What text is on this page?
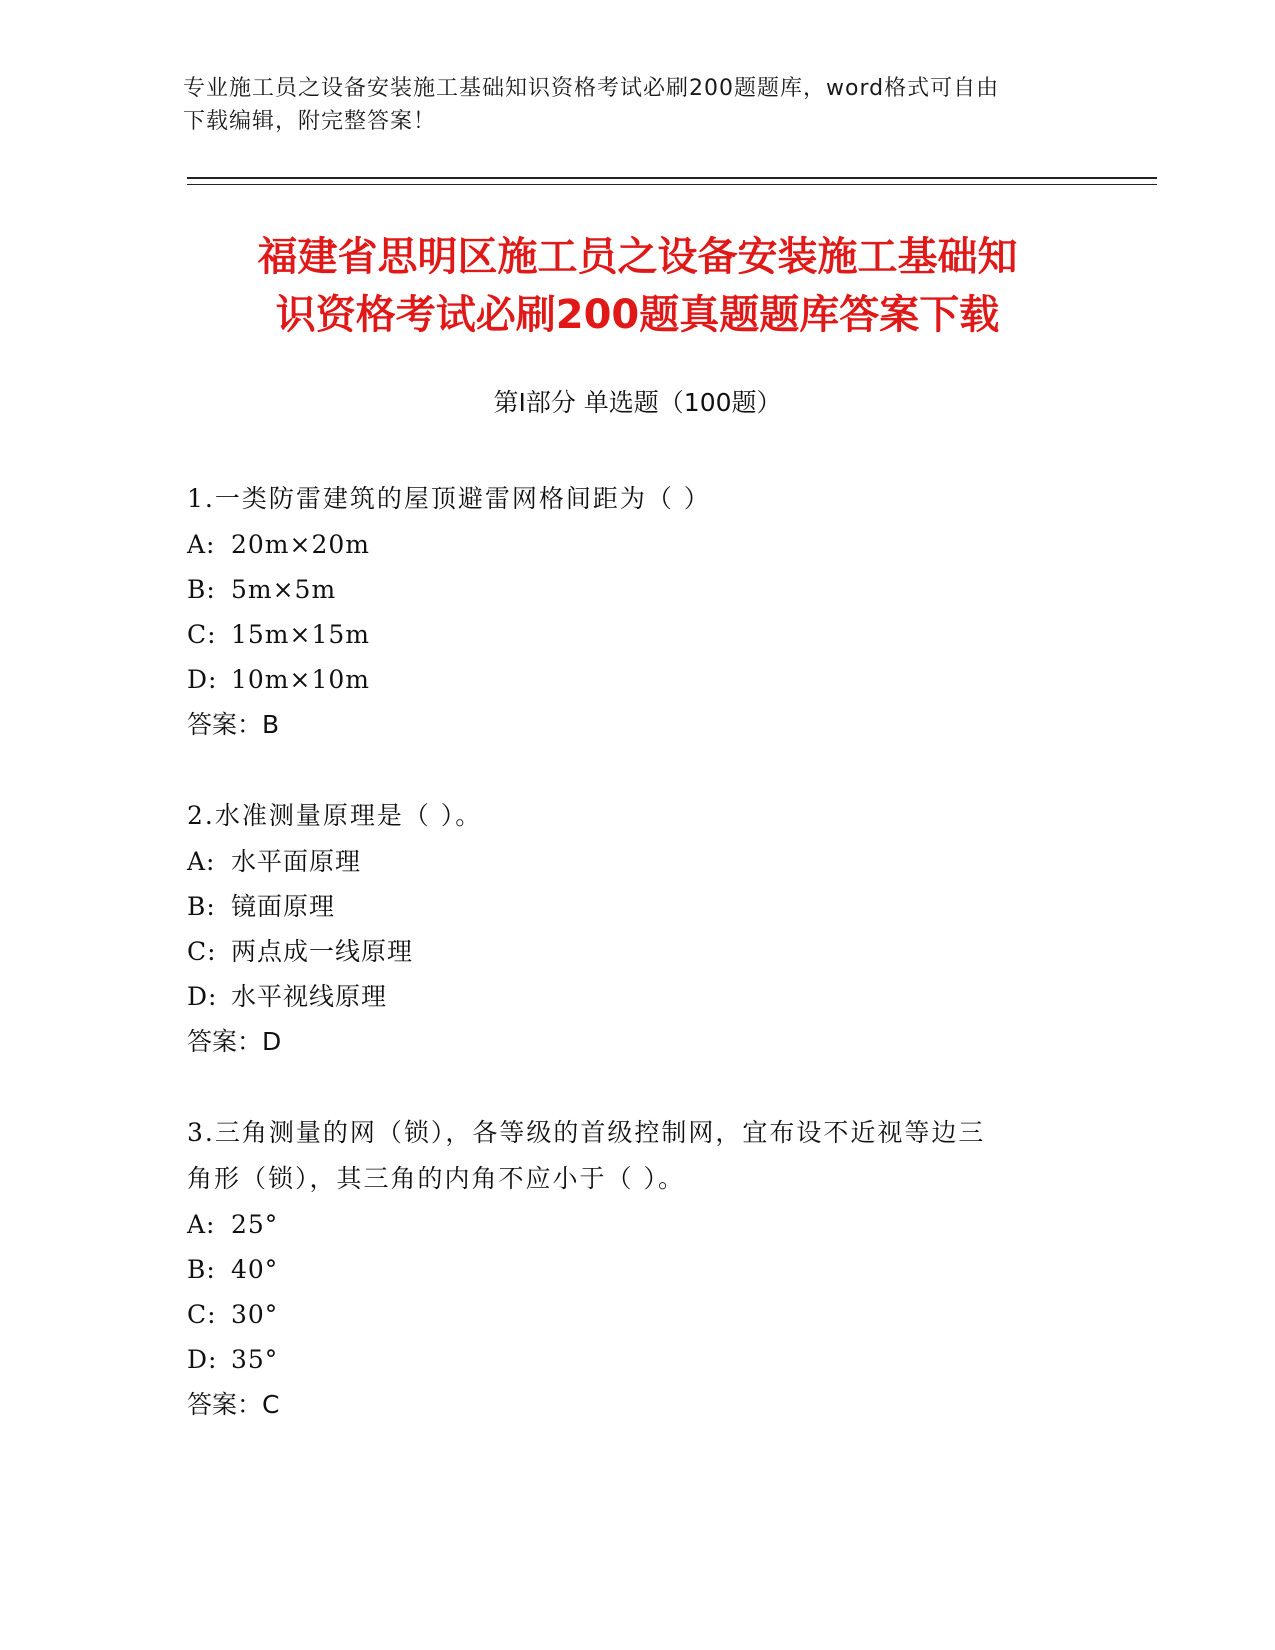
专业施工员之设备安装施工基础知识资格考试必刷200题题库，word格式可自由
下载编辑，附完整答案！
福建省思明区施工员之设备安装施工基础知
识资格考试必刷200题真题题库答案下载
第Ⅰ部分 单选题（100题）
1.一类防雷建筑的屋顶避雷网格间距为（ ）
A: 20m×20m
B: 5m×5m
C: 15m×15m
D: 10m×10m
答案：B
2.水准测量原理是（ ）。
A: 水平面原理
B: 镜面原理
C: 两点成一线原理
D: 水平视线原理
答案：D
3.三角测量的网（锁），各等级的首级控制网，宜布设不近视等边三
角形（锁），其三角的内角不应小于（ ）。
A: 25°
B: 40°
C: 30°
D: 35°
答案：C
